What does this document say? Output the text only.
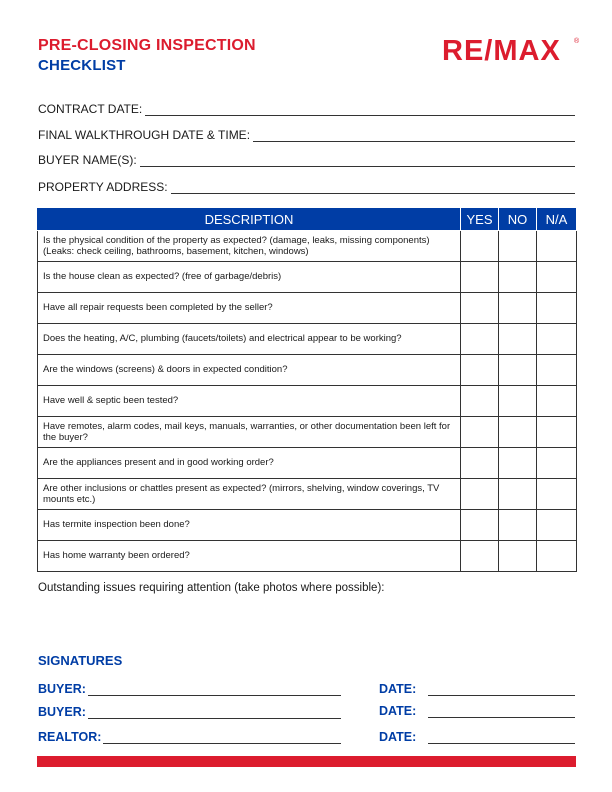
PRE-CLOSING INSPECTION
CHECKLIST	RE/MAX ®
CONTRACT DATE:
FINAL WALKTHROUGH DATE & TIME:
BUYER NAME(S):
PROPERTY ADDRESS:
DESCRIPTION	YES	NO	N/A
Is the physical condition of the property as expected? (damage, leaks, missing components) (Leaks: check ceiling, bathrooms, basement, kitchen, windows)			
Is the house clean as expected? (free of garbage/debris)			
Have all repair requests been completed by the seller?			
Does the heating, A/C, plumbing (faucets/toilets) and electrical appear to be working?			
Are the windows (screens) & doors in expected condition?			
Have well & septic been tested?			
Have remotes, alarm codes, mail keys, manuals, warranties, or other documentation been left for the buyer?			
Are the appliances present and in good working order?			
Are other inclusions or chattles present as expected? (mirrors, shelving, window coverings, TV mounts etc.)			
Has termite inspection been done?			
Has home warranty been ordered?			
Outstanding issues requiring attention (take photos where possible):
SIGNATURES
BUYER:	DATE:
BUYER:	DATE:
REALTOR:	DATE:
